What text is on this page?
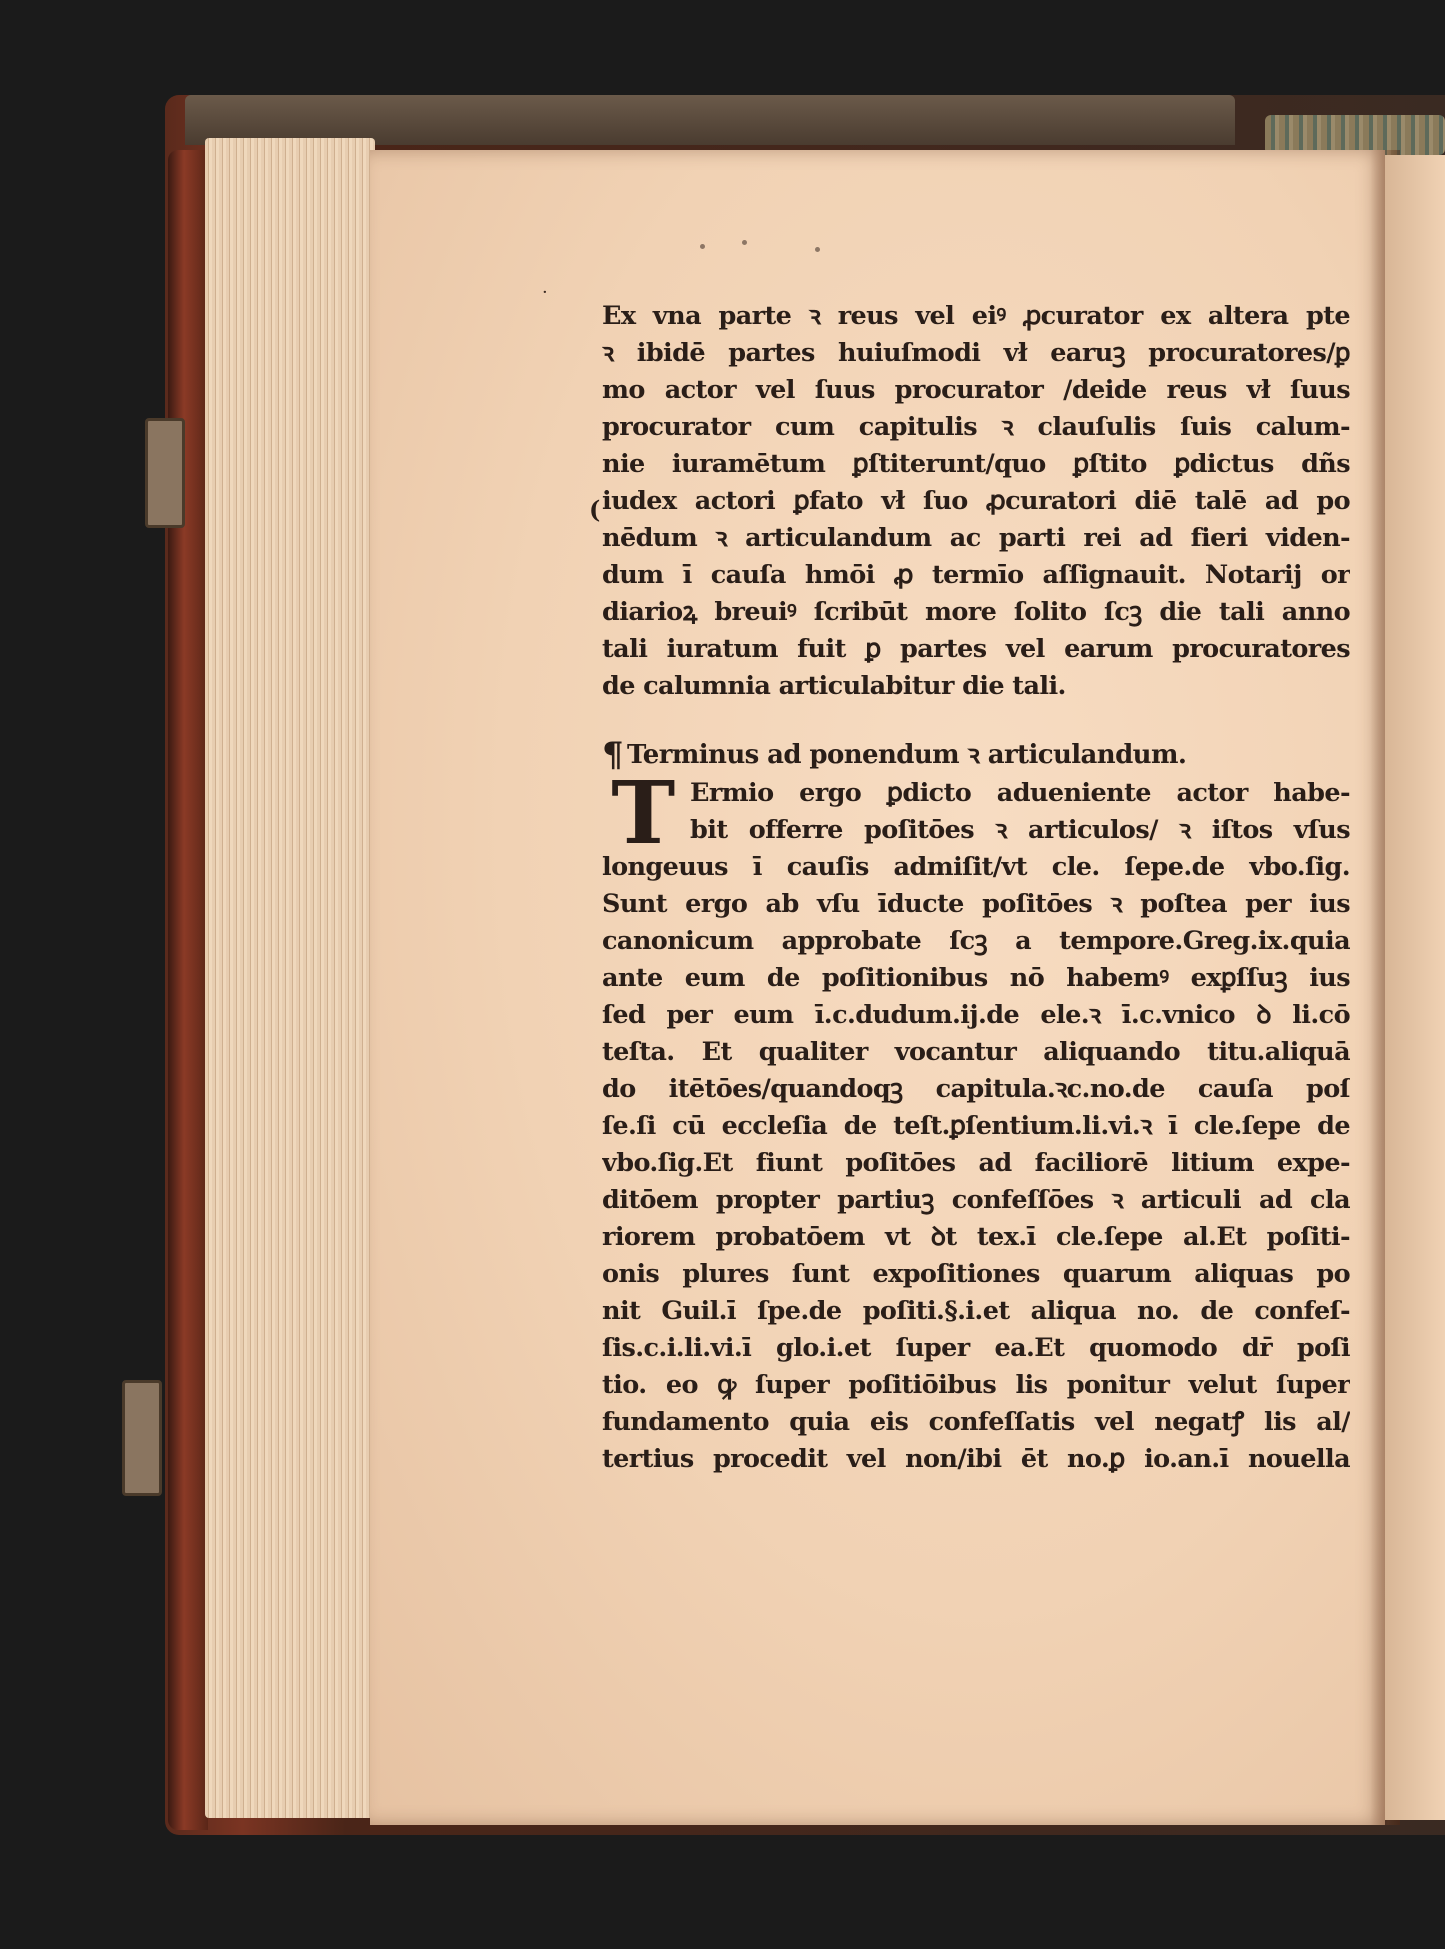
·
(
Ex vna parte ꝛ reus vel eiꝰ ꝓcurator ex altera pte
ꝛ ibidē partes huiuſmodi vł earuꝫ procuratores/ꝑ
mo actor vel ſuus procurator /deide reus vł ſuus
procurator cum capitulis ꝛ clauſulis ſuis calum-
nie iuramētum ꝑſtiterunt/quo ꝑſtito ꝑdictus dñs
iudex actori ꝑfato vł ſuo ꝓcuratori diē talē ad po
nēdum ꝛ articulandum ac parti rei ad fieri viden-
dum ī cauſa hmōi ꝓ termīo aſſignauit. Notarij or
diarioꝝ breuiꝰ ſcribūt more ſolito ſcꝫ die tali anno
tali iuratum fuit ꝑ partes vel earum procuratores
de calumnia articulabitur die tali.
¶ Terminus ad ponendum ꝛ articulandum.
T Ermio ergo ꝑdicto adueniente actor habe-
bit offerre poſitōes ꝛ articulos/ ꝛ iſtos vſus
longeuus ī cauſis admiſit/vt cle. ſepe.de vbo.ſig.
Sunt ergo ab vſu īducte poſitōes ꝛ poſtea per ius
canonicum approbate ſcꝫ a tempore.Greg.ix.quia
ante eum de poſitionibus nō habemꝰ exꝑſſuꝫ ius
ſed per eum ī.c.dudum.ij.de ele.ꝛ ī.c.vnico ꝺ li.cō
teſta. Et qualiter vocantur aliquando titu.aliquā
do itētōes/quandoqꝫ capitula.ꝛc.no.de cauſa poſ
ſe.ſi cū eccleſia de teſt.ꝑſentium.li.vi.ꝛ ī cle.ſepe de
vbo.ſig.Et fiunt poſitōes ad faciliorē litium expe-
ditōem propter partiuꝫ confeſſōes ꝛ articuli ad cla
riorem probatōem vt ꝺt tex.ī cle.ſepe al.Et poſiti-
onis plures ſunt expoſitiones quarum aliquas po
nit Guil.ī ſpe.de poſiti.§.i.et aliqua no. de confeſ-
ſis.c.i.li.vi.ī glo.i.et ſuper ea.Et quomodo dr̄ poſi
tio. eo ꝙ ſuper poſitiōibus lis ponitur velut ſuper
fundamento quia eis confeſſatis vel negatꝭ lis al/
tertius procedit vel non/ibi ēt no.ꝑ io.an.ī nouella
